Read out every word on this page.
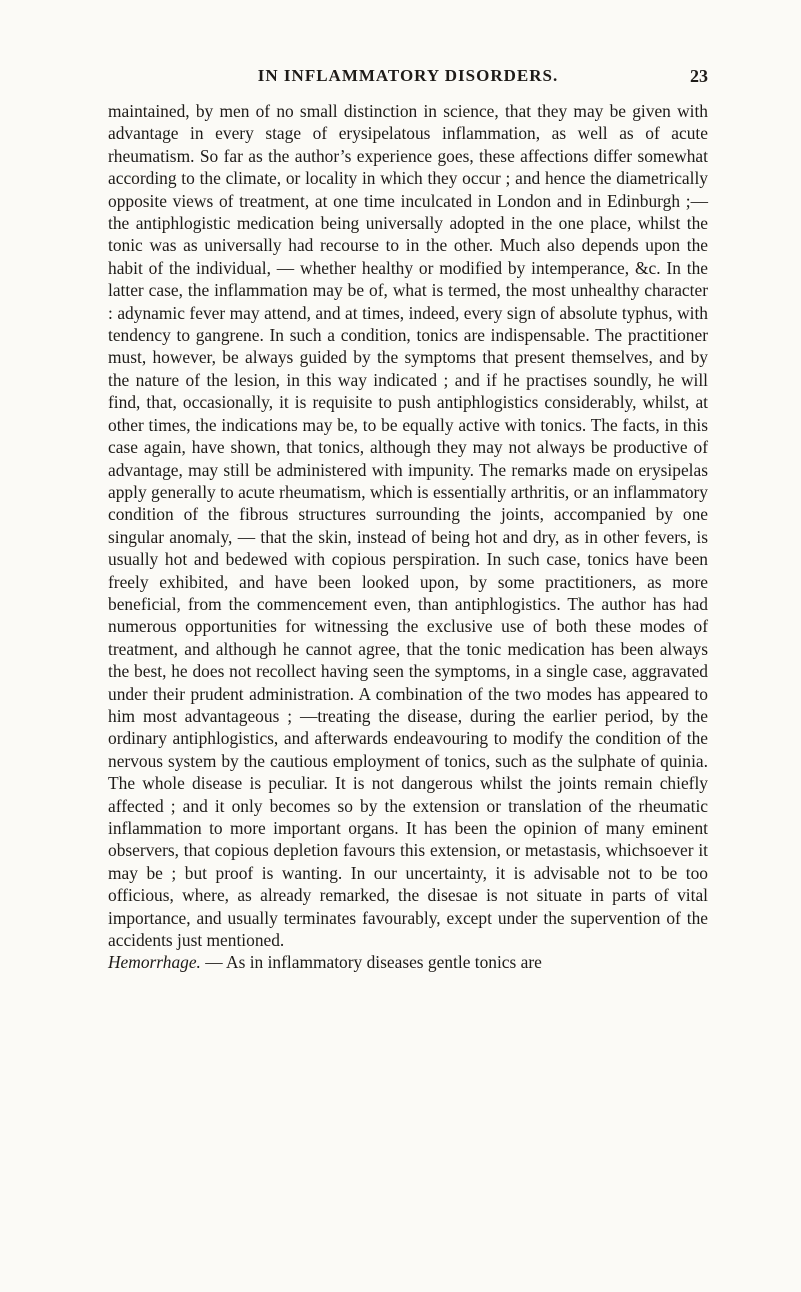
IN INFLAMMATORY DISORDERS.	23

maintained, by men of no small distinction in science, that they may be given with advantage in every stage of erysipelatous inflammation, as well as of acute rheumatism. So far as the author’s experience goes, these affections differ somewhat according to the climate, or locality in which they occur ; and hence the diametrically opposite views of treatment, at one time inculcated in London and in Edinburgh ;—the antiphlogistic medication being universally adopted in the one place, whilst the tonic was as universally had recourse to in the other. Much also depends upon the habit of the individual, — whether healthy or modified by intemperance, &c. In the latter case, the inflammation may be of, what is termed, the most unhealthy character : adynamic fever may attend, and at times, indeed, every sign of absolute typhus, with tendency to gangrene. In such a condition, tonics are indispensable. The practitioner must, however, be always guided by the symptoms that present themselves, and by the nature of the lesion, in this way indicated ; and if he practises soundly, he will find, that, occasionally, it is requisite to push antiphlogistics considerably, whilst, at other times, the indications may be, to be equally active with tonics. The facts, in this case again, have shown, that tonics, although they may not always be productive of advantage, may still be administered with impunity. The remarks made on erysipelas apply generally to acute rheumatism, which is essentially arthritis, or an inflammatory condition of the fibrous structures surrounding the joints, accompanied by one singular anomaly, — that the skin, instead of being hot and dry, as in other fevers, is usually hot and bedewed with copious perspiration. In such case, tonics have been freely exhibited, and have been looked upon, by some practitioners, as more beneficial, from the commencement even, than antiphlogistics. The author has had numerous opportunities for witnessing the exclusive use of both these modes of treatment, and although he cannot agree, that the tonic medication has been always the best, he does not recollect having seen the symptoms, in a single case, aggravated under their prudent administration. A combination of the two modes has appeared to him most advantageous ; —treating the disease, during the earlier period, by the ordinary antiphlogistics, and afterwards endeavouring to modify the condition of the nervous system by the cautious employment of tonics, such as the sulphate of quinia. The whole disease is peculiar. It is not dangerous whilst the joints remain chiefly affected ; and it only becomes so by the extension or translation of the rheumatic inflammation to more important organs. It has been the opinion of many eminent observers, that copious depletion favours this extension, or metastasis, whichsoever it may be ; but proof is wanting. In our uncertainty, it is advisable not to be too officious, where, as already remarked, the disesae is not situate in parts of vital importance, and usually terminates favourably, except under the supervention of the accidents just mentioned.
Hemorrhage. — As in inflammatory diseases gentle tonics are
